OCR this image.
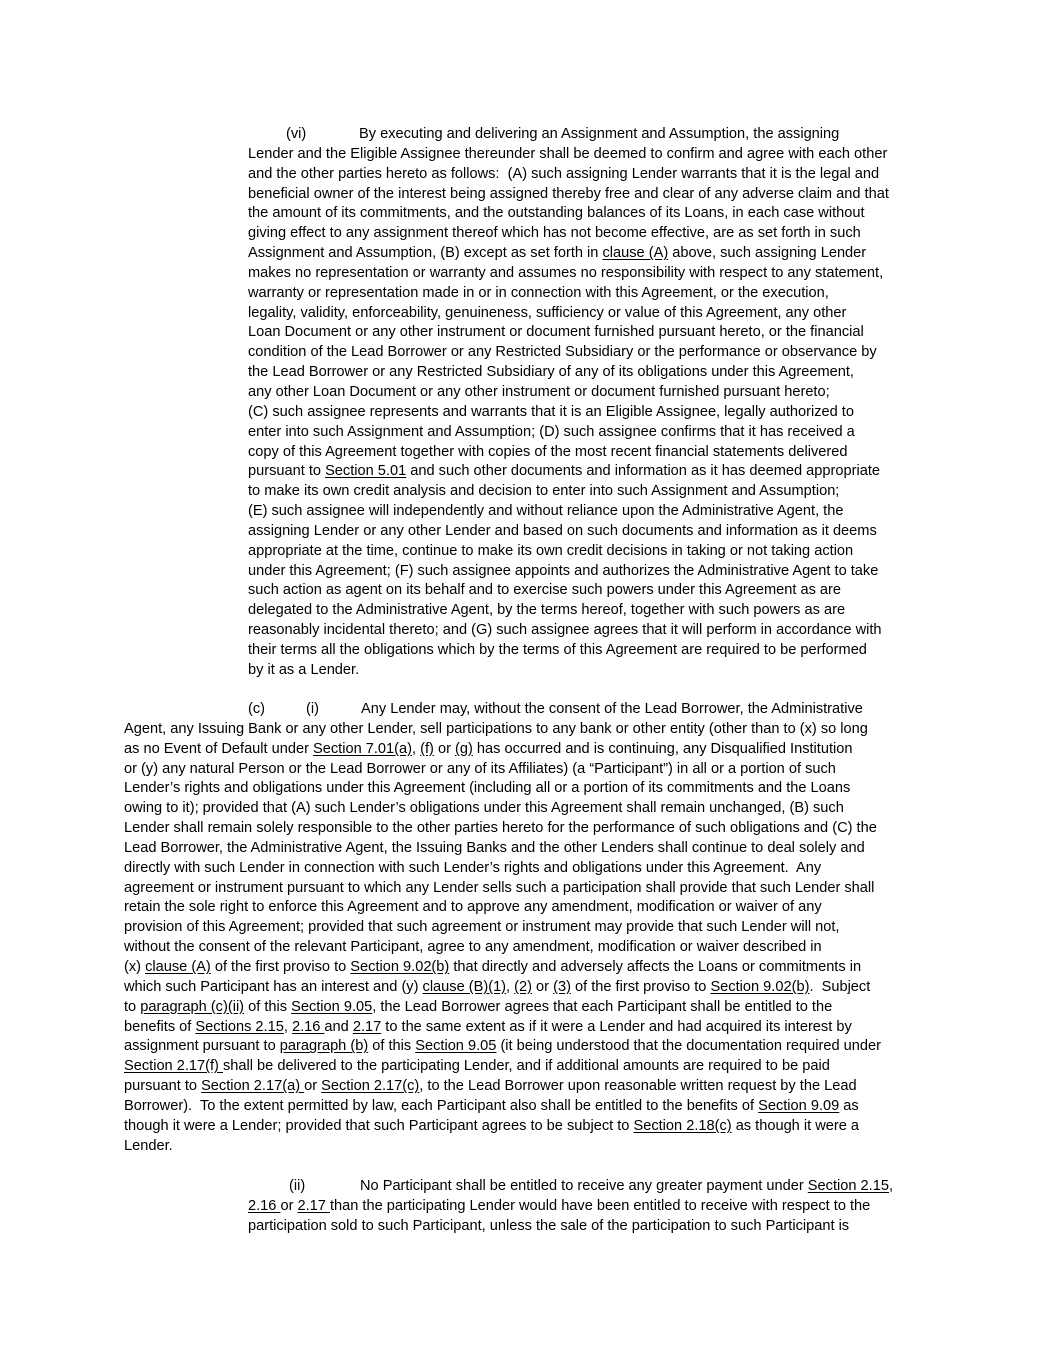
(vi)	By executing and delivering an Assignment and Assumption, the assigning
Lender and the Eligible Assignee thereunder shall be deemed to confirm and agree with each other
and the other parties hereto as follows:  (A) such assigning Lender warrants that it is the legal and
beneficial owner of the interest being assigned thereby free and clear of any adverse claim and that
the amount of its commitments, and the outstanding balances of its Loans, in each case without
giving effect to any assignment thereof which has not become effective, are as set forth in such
Assignment and Assumption, (B) except as set forth in clause (A) above, such assigning Lender
makes no representation or warranty and assumes no responsibility with respect to any statement,
warranty or representation made in or in connection with this Agreement, or the execution,
legality, validity, enforceability, genuineness, sufficiency or value of this Agreement, any other
Loan Document or any other instrument or document furnished pursuant hereto, or the financial
condition of the Lead Borrower or any Restricted Subsidiary or the performance or observance by
the Lead Borrower or any Restricted Subsidiary of any of its obligations under this Agreement,
any other Loan Document or any other instrument or document furnished pursuant hereto;
(C) such assignee represents and warrants that it is an Eligible Assignee, legally authorized to
enter into such Assignment and Assumption; (D) such assignee confirms that it has received a
copy of this Agreement together with copies of the most recent financial statements delivered
pursuant to Section 5.01 and such other documents and information as it has deemed appropriate
to make its own credit analysis and decision to enter into such Assignment and Assumption;
(E) such assignee will independently and without reliance upon the Administrative Agent, the
assigning Lender or any other Lender and based on such documents and information as it deems
appropriate at the time, continue to make its own credit decisions in taking or not taking action
under this Agreement; (F) such assignee appoints and authorizes the Administrative Agent to take
such action as agent on its behalf and to exercise such powers under this Agreement as are
delegated to the Administrative Agent, by the terms hereof, together with such powers as are
reasonably incidental thereto; and (G) such assignee agrees that it will perform in accordance with
their terms all the obligations which by the terms of this Agreement are required to be performed
by it as a Lender.
(c)	(i)	Any Lender may, without the consent of the Lead Borrower, the Administrative
Agent, any Issuing Bank or any other Lender, sell participations to any bank or other entity (other than to (x) so long
as no Event of Default under Section 7.01(a), (f) or (g) has occurred and is continuing, any Disqualified Institution
or (y) any natural Person or the Lead Borrower or any of its Affiliates) (a “Participant”) in all or a portion of such
Lender’s rights and obligations under this Agreement (including all or a portion of its commitments and the Loans
owing to it); provided that (A) such Lender’s obligations under this Agreement shall remain unchanged, (B) such
Lender shall remain solely responsible to the other parties hereto for the performance of such obligations and (C) the
Lead Borrower, the Administrative Agent, the Issuing Banks and the other Lenders shall continue to deal solely and
directly with such Lender in connection with such Lender’s rights and obligations under this Agreement.  Any
agreement or instrument pursuant to which any Lender sells such a participation shall provide that such Lender shall
retain the sole right to enforce this Agreement and to approve any amendment, modification or waiver of any
provision of this Agreement; provided that such agreement or instrument may provide that such Lender will not,
without the consent of the relevant Participant, agree to any amendment, modification or waiver described in
(x) clause (A) of the first proviso to Section 9.02(b) that directly and adversely affects the Loans or commitments in
which such Participant has an interest and (y) clause (B)(1), (2) or (3) of the first proviso to Section 9.02(b).  Subject
to paragraph (c)(ii) of this Section 9.05, the Lead Borrower agrees that each Participant shall be entitled to the
benefits of Sections 2.15, 2.16 and 2.17 to the same extent as if it were a Lender and had acquired its interest by
assignment pursuant to paragraph (b) of this Section 9.05 (it being understood that the documentation required under
Section 2.17(f) shall be delivered to the participating Lender, and if additional amounts are required to be paid
pursuant to Section 2.17(a) or Section 2.17(c), to the Lead Borrower upon reasonable written request by the Lead
Borrower).  To the extent permitted by law, each Participant also shall be entitled to the benefits of Section 9.09 as
though it were a Lender; provided that such Participant agrees to be subject to Section 2.18(c) as though it were a
Lender.
(ii)	No Participant shall be entitled to receive any greater payment under Section 2.15,
2.16 or 2.17 than the participating Lender would have been entitled to receive with respect to the
participation sold to such Participant, unless the sale of the participation to such Participant is
